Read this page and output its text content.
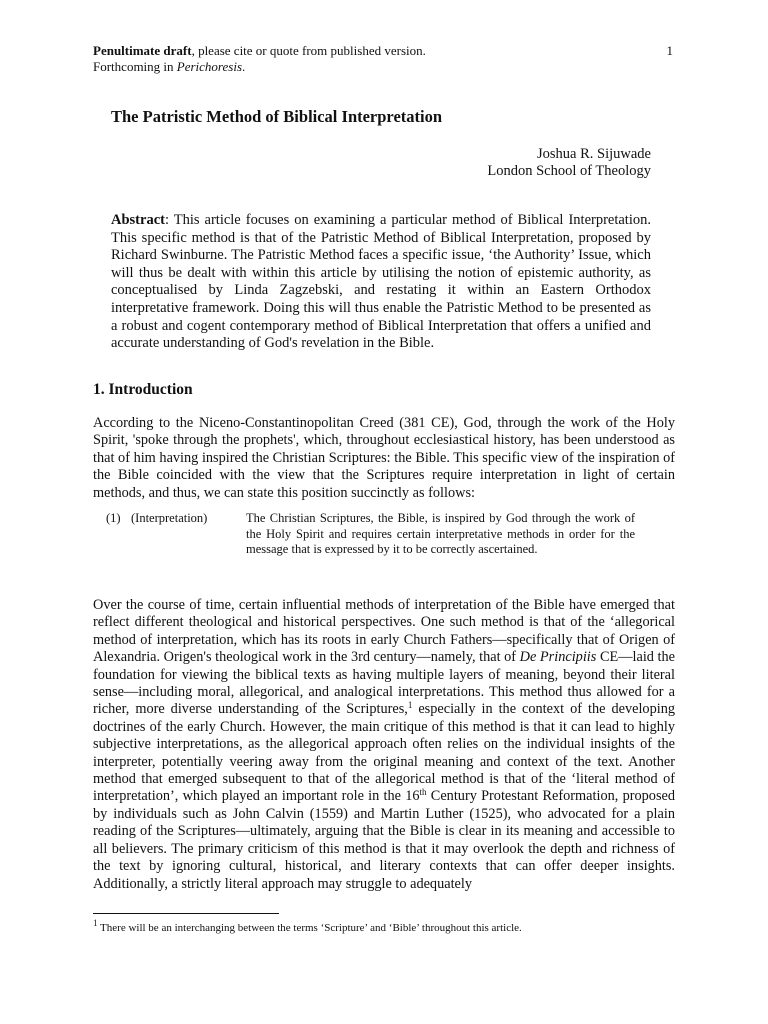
Penultimate draft, please cite or quote from published version.
Forthcoming in Perichoresis.
1
The Patristic Method of Biblical Interpretation
Joshua R. Sijuwade
London School of Theology
Abstract: This article focuses on examining a particular method of Biblical Interpretation. This specific method is that of the Patristic Method of Biblical Interpretation, proposed by Richard Swinburne. The Patristic Method faces a specific issue, ‘the Authority’ Issue, which will thus be dealt with within this article by utilising the notion of epistemic authority, as conceptualised by Linda Zagzebski, and restating it within an Eastern Orthodox interpretative framework. Doing this will thus enable the Patristic Method to be presented as a robust and cogent contemporary method of Biblical Interpretation that offers a unified and accurate understanding of God's revelation in the Bible.
1. Introduction
According to the Niceno-Constantinopolitan Creed (381 CE), God, through the work of the Holy Spirit, 'spoke through the prophets', which, throughout ecclesiastical history, has been understood as that of him having inspired the Christian Scriptures: the Bible. This specific view of the inspiration of the Bible coincided with the view that the Scriptures require interpretation in light of certain methods, and thus, we can state this position succinctly as follows:
(1) (Interpretation)	The Christian Scriptures, the Bible, is inspired by God through the work of the Holy Spirit and requires certain interpretative methods in order for the message that is expressed by it to be correctly ascertained.
Over the course of time, certain influential methods of interpretation of the Bible have emerged that reflect different theological and historical perspectives. One such method is that of the ‘allegorical method of interpretation, which has its roots in early Church Fathers—specifically that of Origen of Alexandria. Origen's theological work in the 3rd century—namely, that of De Principiis CE—laid the foundation for viewing the biblical texts as having multiple layers of meaning, beyond their literal sense—including moral, allegorical, and analogical interpretations. This method thus allowed for a richer, more diverse understanding of the Scriptures,$^1$ especially in the context of the developing doctrines of the early Church. However, the main critique of this method is that it can lead to highly subjective interpretations, as the allegorical approach often relies on the individual insights of the interpreter, potentially veering away from the original meaning and context of the text. Another method that emerged subsequent to that of the allegorical method is that of the ‘literal method of interpretation’, which played an important role in the 16th Century Protestant Reformation, proposed by individuals such as John Calvin (1559) and Martin Luther (1525), who advocated for a plain reading of the Scriptures—ultimately, arguing that the Bible is clear in its meaning and accessible to all believers. The primary criticism of this method is that it may overlook the depth and richness of the text by ignoring cultural, historical, and literary contexts that can offer deeper insights. Additionally, a strictly literal approach may struggle to adequately
$^1$ There will be an interchanging between the terms ‘Scripture’ and ‘Bible’ throughout this article.
